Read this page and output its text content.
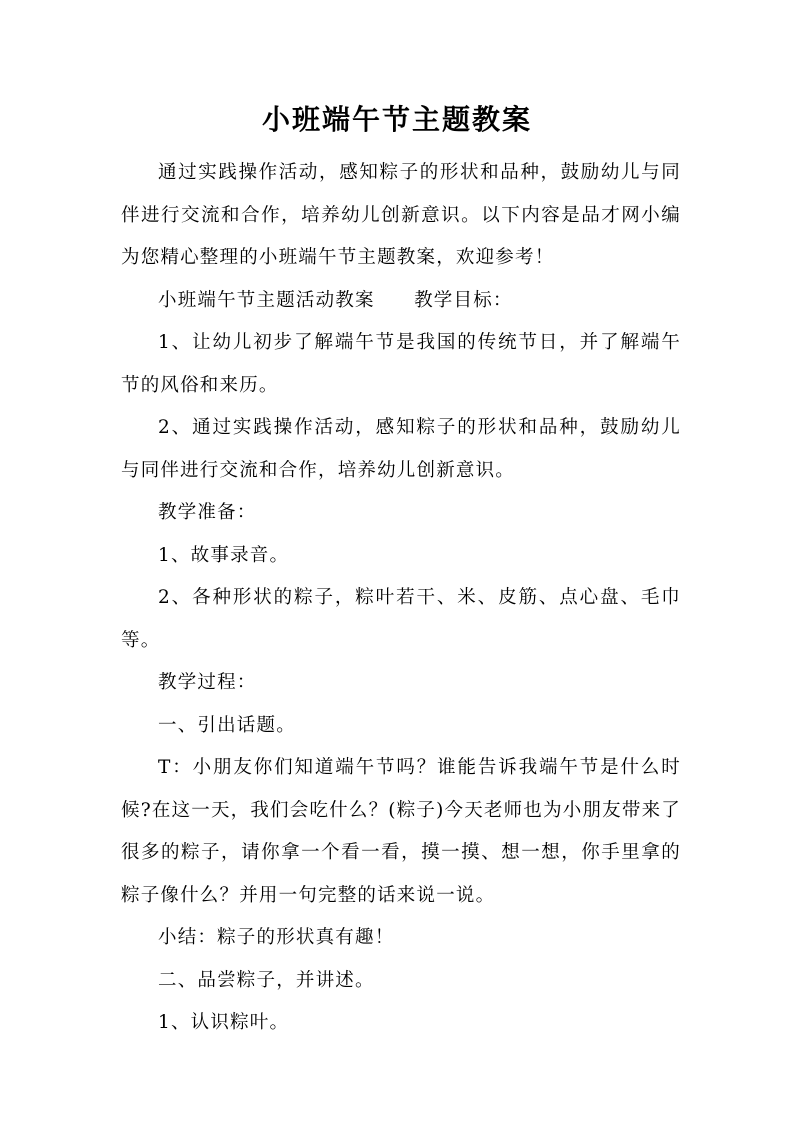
小班端午节主题教案

通过实践操作活动，感知粽子的形状和品种，鼓励幼儿与同伴进行交流和合作，培养幼儿创新意识。以下内容是品才网小编为您精心整理的小班端午节主题教案，欢迎参考！

小班端午节主题活动教案　　教学目标：

1、让幼儿初步了解端午节是我国的传统节日，并了解端午节的风俗和来历。

2、通过实践操作活动，感知粽子的形状和品种，鼓励幼儿与同伴进行交流和合作，培养幼儿创新意识。

教学准备：

1、故事录音。

2、各种形状的粽子，粽叶若干、米、皮筋、点心盘、毛巾等。

教学过程：

一、引出话题。

T：小朋友你们知道端午节吗？谁能告诉我端午节是什么时候?在这一天，我们会吃什么？(粽子)今天老师也为小朋友带来了很多的粽子，请你拿一个看一看，摸一摸、想一想，你手里拿的粽子像什么？并用一句完整的话来说一说。

小结：粽子的形状真有趣！

二、品尝粽子，并讲述。

1、认识粽叶。
